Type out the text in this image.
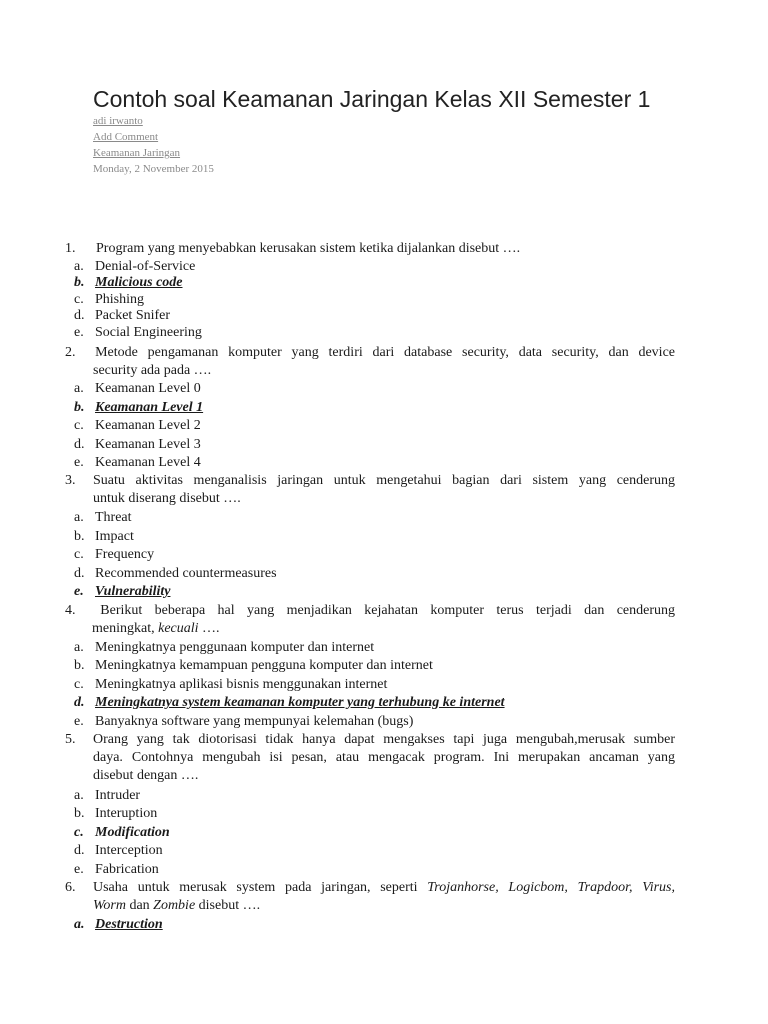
Contoh soal Keamanan Jaringan Kelas XII Semester 1
adi irwanto
Add Comment
Keamanan Jaringan
Monday, 2 November 2015
1. Program yang menyebabkan kerusakan sistem ketika dijalankan disebut ….
a. Denial-of-Service
b. Malicious code
c. Phishing
d. Packet Snifer
e. Social Engineering
2. Metode pengamanan komputer yang terdiri dari database security, data security, dan device
security ada pada ….
a. Keamanan Level 0
b. Keamanan Level 1
c. Keamanan Level 2
d. Keamanan Level 3
e. Keamanan Level 4
3. Suatu aktivitas menganalisis jaringan untuk mengetahui bagian dari sistem yang cenderung
untuk diserang disebut ….
a. Threat
b. Impact
c. Frequency
d. Recommended countermeasures
e. Vulnerability
4. Berikut beberapa hal yang menjadikan kejahatan komputer terus terjadi dan cenderung
meningkat, kecuali ….
a. Meningkatnya penggunaan komputer dan internet
b. Meningkatnya kemampuan pengguna komputer dan internet
c. Meningkatnya aplikasi bisnis menggunakan internet
d. Meningkatnya system keamanan komputer yang terhubung ke internet
e. Banyaknya software yang mempunyai kelemahan (bugs)
5. Orang yang tak diotorisasi tidak hanya dapat mengakses tapi juga mengubah,merusak sumber
daya. Contohnya mengubah isi pesan, atau mengacak program. Ini merupakan ancaman yang
disebut dengan ….
a. Intruder
b. Interuption
c. Modification
d. Interception
e. Fabrication
6. Usaha untuk merusak system pada jaringan, seperti Trojanhorse, Logicbom, Trapdoor, Virus,
Worm dan Zombie disebut ….
a. Destruction
